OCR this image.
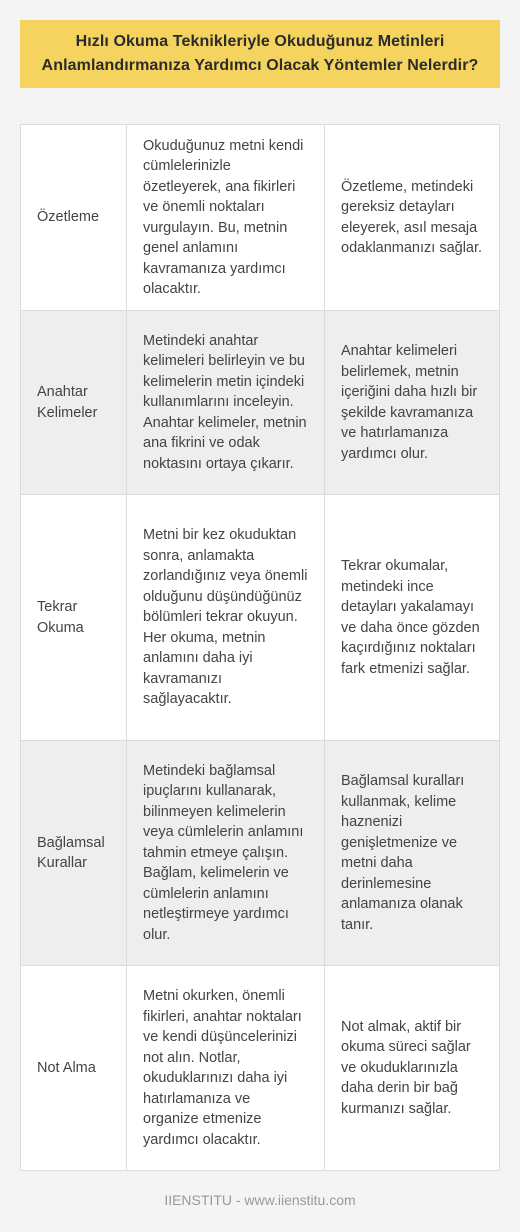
Hızlı Okuma Teknikleriyle Okuduğunuz Metinleri
Anlamlandırmanıza Yardımcı Olacak Yöntemler Nelerdir?
Özetleme
Okuduğunuz metni kendi cümlelerinizle özetleyerek, ana fikirleri ve önemli noktaları vurgulayın. Bu, metnin genel anlamını kavramanıza yardımcı olacaktır.
Özetleme, metindeki gereksiz detayları eleyerek, asıl mesaja odaklanmanızı sağlar.
Anahtar Kelimeler
Metindeki anahtar kelimeleri belirleyin ve bu kelimelerin metin içindeki kullanımlarını inceleyin. Anahtar kelimeler, metnin ana fikrini ve odak noktasını ortaya çıkarır.
Anahtar kelimeleri belirlemek, metnin içeriğini daha hızlı bir şekilde kavramanıza ve hatırlamanıza yardımcı olur.
Tekrar Okuma
Metni bir kez okuduktan sonra, anlamakta zorlandığınız veya önemli olduğunu düşündüğünüz bölümleri tekrar okuyun. Her okuma, metnin anlamını daha iyi kavramanızı sağlayacaktır.
Tekrar okumalar, metindeki ince detayları yakalamayı ve daha önce gözden kaçırdığınız noktaları fark etmenizi sağlar.
Bağlamsal Kurallar
Metindeki bağlamsal ipuçlarını kullanarak, bilinmeyen kelimelerin veya cümlelerin anlamını tahmin etmeye çalışın. Bağlam, kelimelerin ve cümlelerin anlamını netleştirmeye yardımcı olur.
Bağlamsal kuralları kullanmak, kelime haznenizi genişletmenize ve metni daha derinlemesine anlamanıza olanak tanır.
Not Alma
Metni okurken, önemli fikirleri, anahtar noktaları ve kendi düşüncelerinizi not alın. Notlar, okuduklarınızı daha iyi hatırlamanıza ve organize etmenize yardımcı olacaktır.
Not almak, aktif bir okuma süreci sağlar ve okuduklarınızla daha derin bir bağ kurmanızı sağlar.
IIENSTITU - www.iienstitu.com
